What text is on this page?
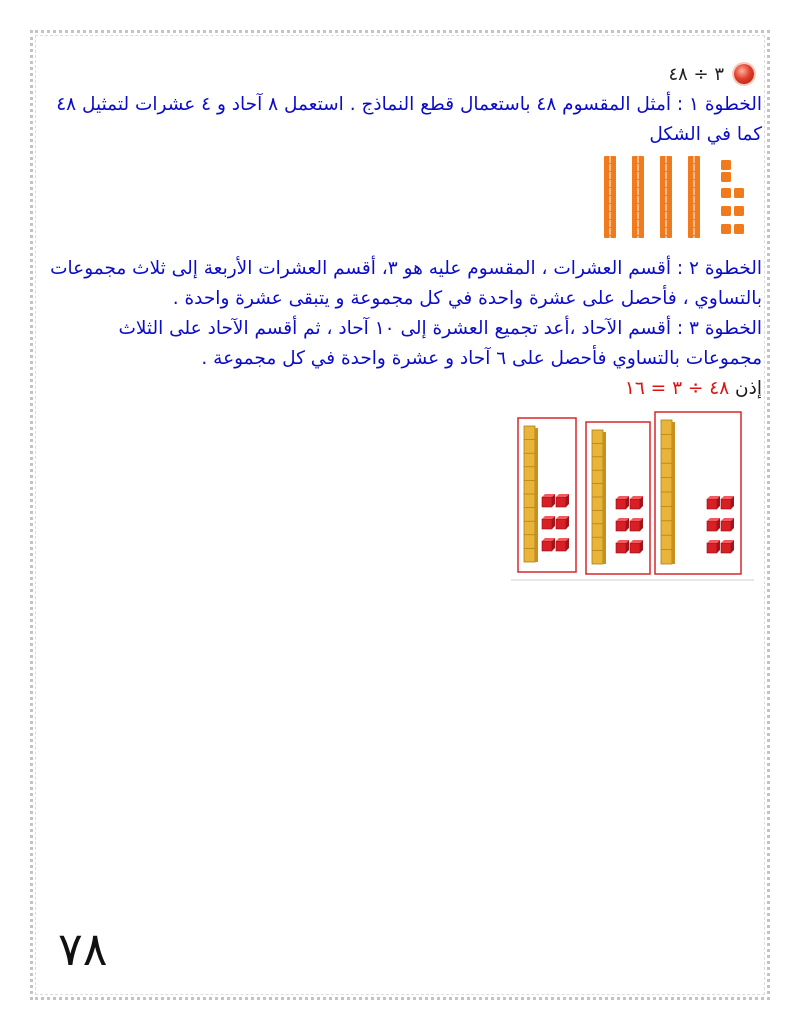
٣ ÷ ٤٨

الخطوة ١ : أمثل المقسوم ٤٨ باستعمال قطع النماذج . استعمل ٨ آحاد و ٤ عشرات لتمثيل ٤٨ كما في الشكل

الخطوة ٢ : أقسم العشرات ، المقسوم عليه هو ٣، أقسم العشرات الأربعة إلى ثلاث مجموعات بالتساوي ، فأحصل على عشرة واحدة في كل مجموعة و يتبقى عشرة واحدة .

الخطوة ٣ : أقسم الآحاد ،أعد تجميع العشرة إلى ١٠ آحاد ، ثم أقسم الآحاد على الثلاث مجموعات بالتساوي فأحصل على ٦ آحاد و عشرة واحدة في كل مجموعة .

إذن ٤٨ ÷ ٣ = ١٦

٧٨
